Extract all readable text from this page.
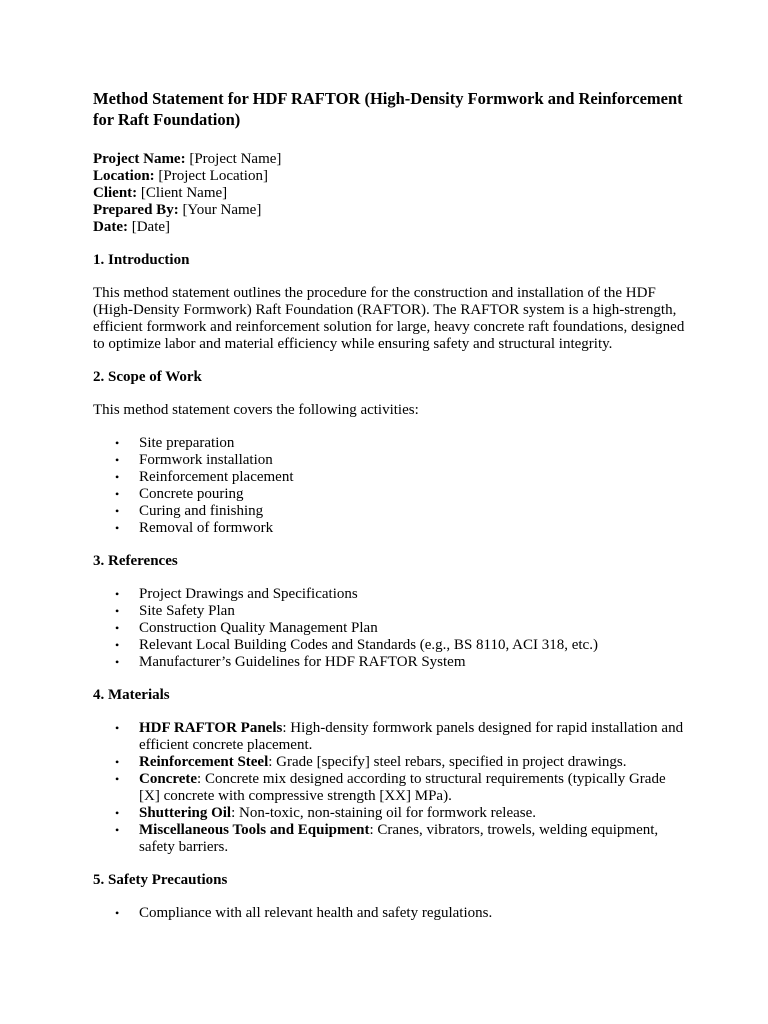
Method Statement for HDF RAFTOR (High-Density Formwork and Reinforcement for Raft Foundation)
Project Name: [Project Name]
Location: [Project Location]
Client: [Client Name]
Prepared By: [Your Name]
Date: [Date]
1. Introduction
This method statement outlines the procedure for the construction and installation of the HDF (High-Density Formwork) Raft Foundation (RAFTOR). The RAFTOR system is a high-strength, efficient formwork and reinforcement solution for large, heavy concrete raft foundations, designed to optimize labor and material efficiency while ensuring safety and structural integrity.
2. Scope of Work
This method statement covers the following activities:
• Site preparation
• Formwork installation
• Reinforcement placement
• Concrete pouring
• Curing and finishing
• Removal of formwork
3. References
• Project Drawings and Specifications
• Site Safety Plan
• Construction Quality Management Plan
• Relevant Local Building Codes and Standards (e.g., BS 8110, ACI 318, etc.)
• Manufacturer’s Guidelines for HDF RAFTOR System
4. Materials
• HDF RAFTOR Panels: High-density formwork panels designed for rapid installation and efficient concrete placement.
• Reinforcement Steel: Grade [specify] steel rebars, specified in project drawings.
• Concrete: Concrete mix designed according to structural requirements (typically Grade [X] concrete with compressive strength [XX] MPa).
• Shuttering Oil: Non-toxic, non-staining oil for formwork release.
• Miscellaneous Tools and Equipment: Cranes, vibrators, trowels, welding equipment, safety barriers.
5. Safety Precautions
• Compliance with all relevant health and safety regulations.
